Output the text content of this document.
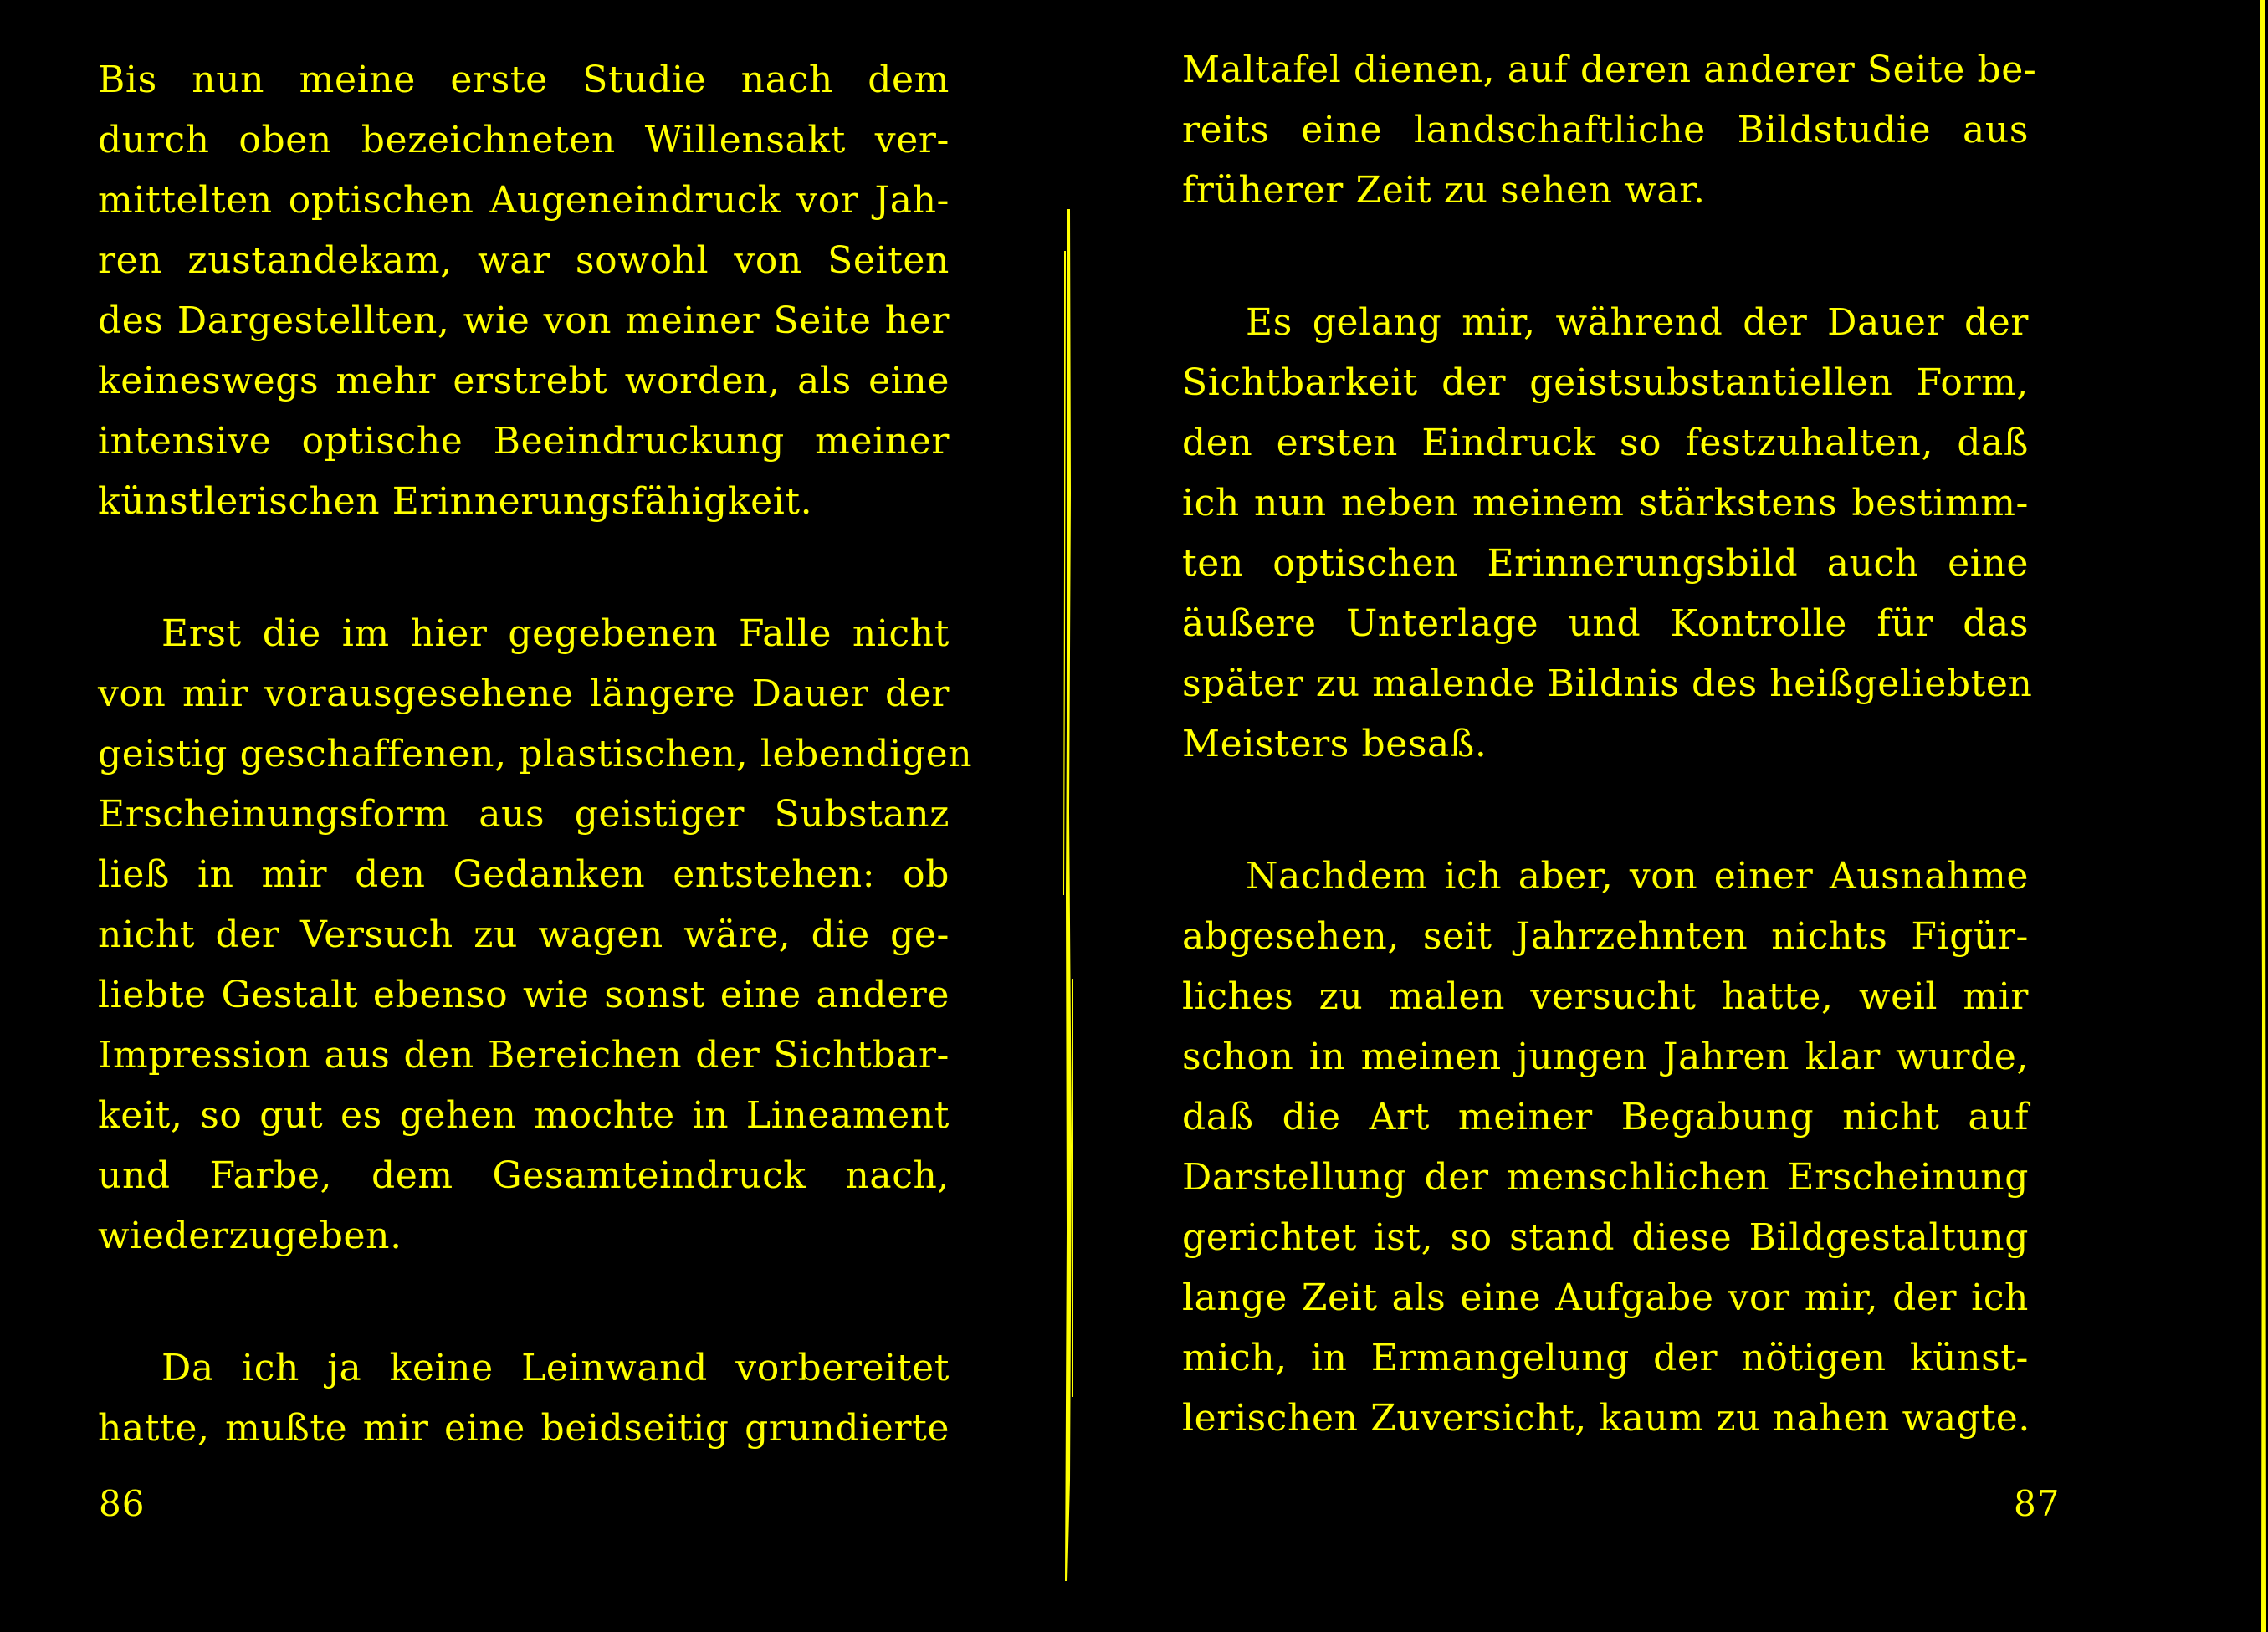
Bis nun meine erste Studie nach dem
durch oben bezeichneten Willensakt ver-
mittelten optischen Augeneindruck vor Jah-
ren zustandekam, war sowohl von Seiten
des Dargestellten, wie von meiner Seite her
keineswegs mehr erstrebt worden, als eine
intensive optische Beeindruckung meiner
künstlerischen Erinnerungsfähigkeit.
Erst die im hier gegebenen Falle nicht
von mir vorausgesehene längere Dauer der
geistig geschaffenen, plastischen, lebendigen
Erscheinungsform aus geistiger Substanz
ließ in mir den Gedanken entstehen: ob
nicht der Versuch zu wagen wäre, die ge-
liebte Gestalt ebenso wie sonst eine andere
Impression aus den Bereichen der Sichtbar-
keit, so gut es gehen mochte in Lineament
und Farbe, dem Gesamteindruck nach,
wiederzugeben.
Da ich ja keine Leinwand vorbereitet
hatte, mußte mir eine beidseitig grundierte
86
Maltafel dienen, auf deren anderer Seite be-
reits eine landschaftliche Bildstudie aus
früherer Zeit zu sehen war.
Es gelang mir, während der Dauer der
Sichtbarkeit der geistsubstantiellen Form,
den ersten Eindruck so festzuhalten, daß
ich nun neben meinem stärkstens bestimm-
ten optischen Erinnerungsbild auch eine
äußere Unterlage und Kontrolle für das
später zu malende Bildnis des heißgeliebten
Meisters besaß.
Nachdem ich aber, von einer Ausnahme
abgesehen, seit Jahrzehnten nichts Figür-
liches zu malen versucht hatte, weil mir
schon in meinen jungen Jahren klar wurde,
daß die Art meiner Begabung nicht auf
Darstellung der menschlichen Erscheinung
gerichtet ist, so stand diese Bildgestaltung
lange Zeit als eine Aufgabe vor mir, der ich
mich, in Ermangelung der nötigen künst-
lerischen Zuversicht, kaum zu nahen wagte.
87
